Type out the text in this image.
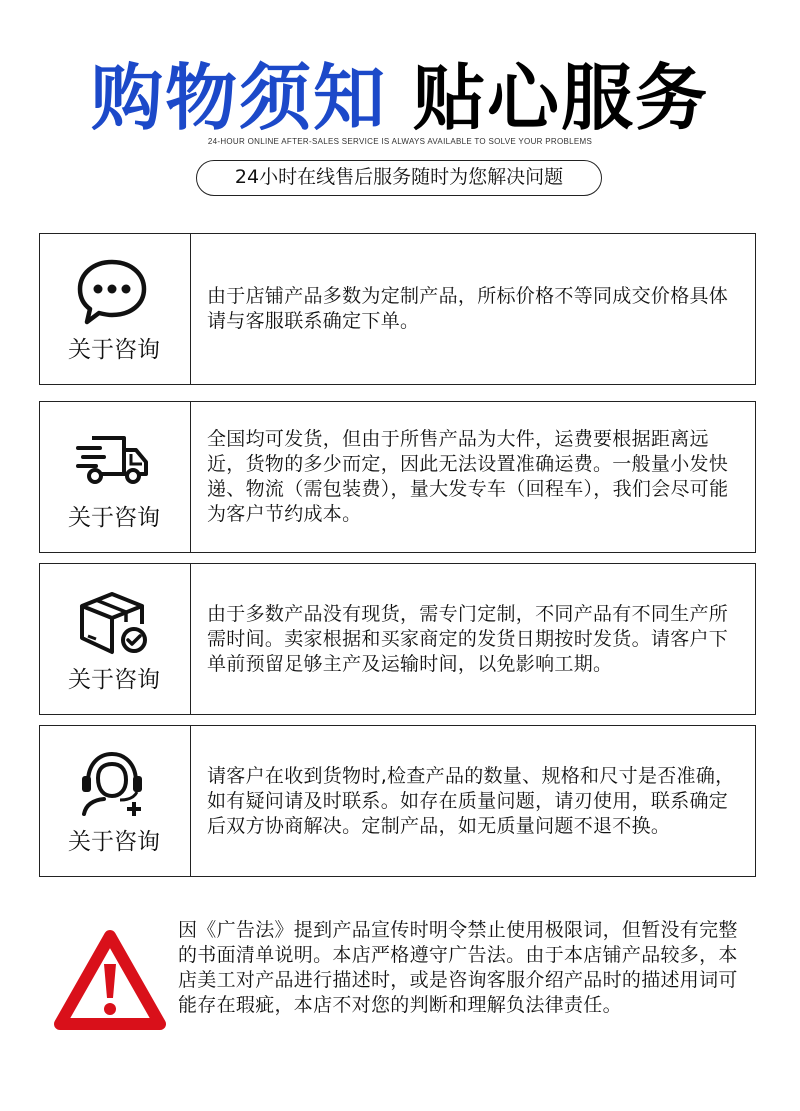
购物须知 贴心服务
24-HOUR ONLINE AFTER-SALES SERVICE IS ALWAYS AVAILABLE TO SOLVE YOUR PROBLEMS
24小时在线售后服务随时为您解决问题
关于咨询
由于店铺产品多数为定制产品，所标价格不等同成交价格具体请与客服联系确定下单。
关于咨询
全国均可发货，但由于所售产品为大件，运费要根据距离远近，货物的多少而定，因此无法设置准确运费。一般量小发快递、物流（需包装费），量大发专车（回程车），我们会尽可能为客户节约成本。
关于咨询
由于多数产品没有现货，需专门定制，不同产品有不同生产所需时间。卖家根据和买家商定的发货日期按时发货。请客户下单前预留足够主产及运输时间，以免影响工期。
关于咨询
请客户在收到货物时,检查产品的数量、规格和尺寸是否准确，如有疑问请及时联系。如存在质量问题，请刃使用，联系确定后双方协商解决。定制产品，如无质量问题不退不换。
因《广告法》提到产品宣传时明令禁止使用极限词，但暂没有完整的书面清单说明。本店严格遵守广告法。由于本店铺产品较多，本店美工对产品进行描述时，或是咨询客服介绍产品时的描述用词可能存在瑕疵，本店不对您的判断和理解负法律责任。
